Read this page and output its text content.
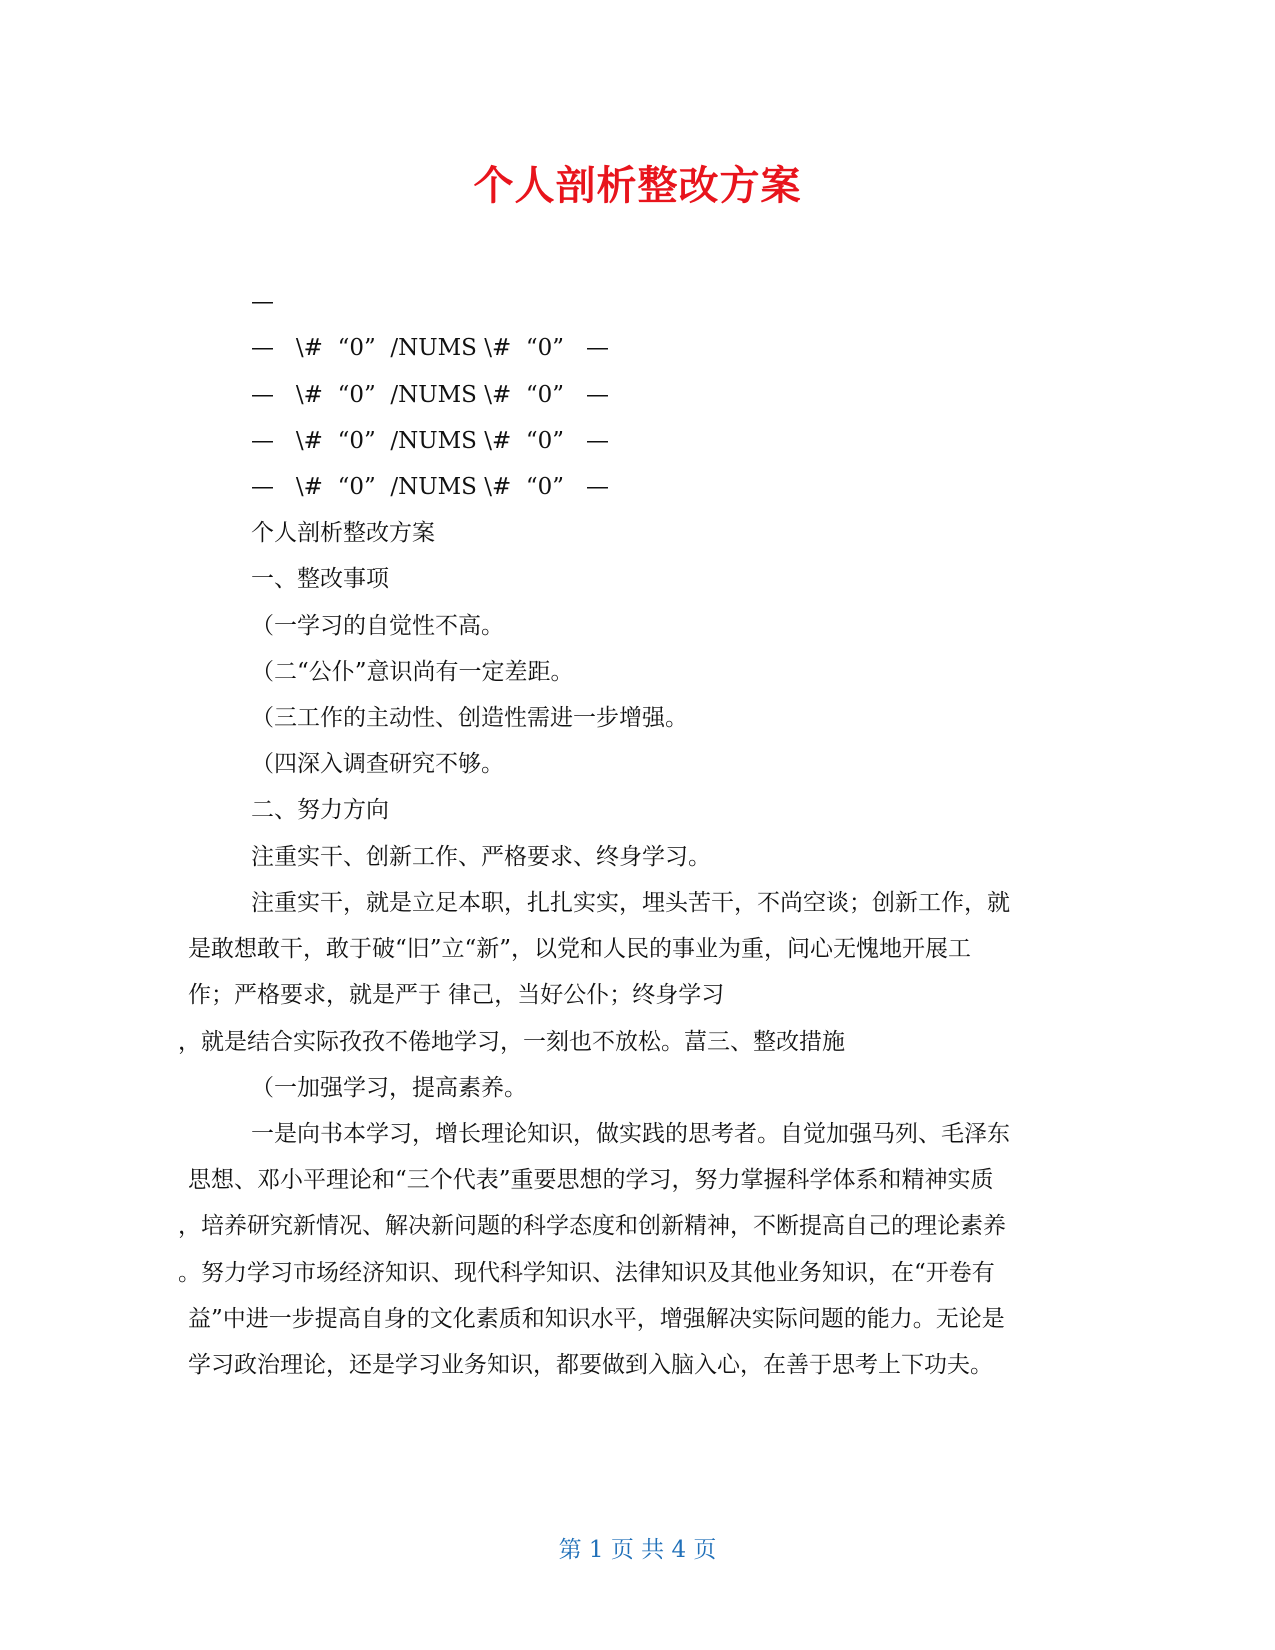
个人剖析整改方案
—
—   \#  “0”  /NUMS \#  “0”   —
—   \#  “0”  /NUMS \#  “0”   —
—   \#  “0”  /NUMS \#  “0”   —
—   \#  “0”  /NUMS \#  “0”   —
个人剖析整改方案
一、整改事项
（一学习的自觉性不高。
（二“公仆”意识尚有一定差距。
（三工作的主动性、创造性需进一步增强。
（四深入调查研究不够。
二、努力方向
注重实干、创新工作、严格要求、终身学习。
注重实干，就是立足本职，扎扎实实，埋头苦干，不尚空谈；创新工作，就
是敢想敢干，敢于破“旧”立“新”，以党和人民的事业为重，问心无愧地开展工
作；严格要求，就是严于 律己，当好公仆；终身学习
，就是结合实际孜孜不倦地学习，一刻也不放松。葍三、整改措施
（一加强学习，提高素养。
一是向书本学习，增长理论知识，做实践的思考者。自觉加强马列、毛泽东
思想、邓小平理论和“三个代表”重要思想的学习，努力掌握科学体系和精神实质
，培养研究新情况、解决新问题的科学态度和创新精神，不断提高自己的理论素养
。努力学习市场经济知识、现代科学知识、法律知识及其他业务知识，在“开卷有
益”中进一步提高自身的文化素质和知识水平，增强解决实际问题的能力。无论是
学习政治理论，还是学习业务知识，都要做到入脑入心，在善于思考上下功夫。
第 1 页 共 4 页
